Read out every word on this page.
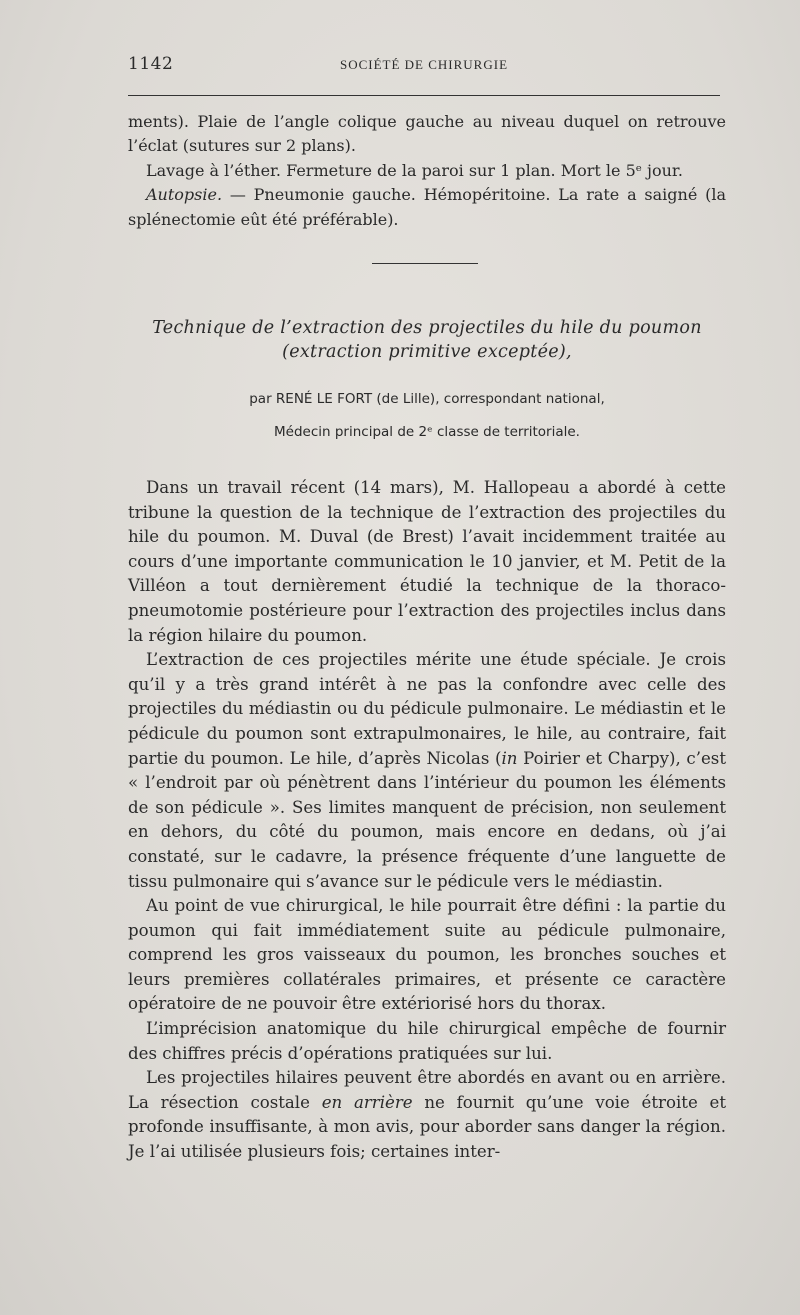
1142	SOCIÉTÉ DE CHIRURGIE

ments). Plaie de l’angle colique gauche au niveau duquel on retrouve l’éclat (sutures sur 2 plans).

Lavage à l’éther. Fermeture de la paroi sur 1 plan. Mort le 5ᵉ jour.

Autopsie. — Pneumonie gauche. Hémopéritoine. La rate a saigné (la splénectomie eût été préférable).

Technique de l’extraction des projectiles du hile du poumon
(extraction primitive exceptée),
par RENÉ LE FORT (de Lille), correspondant national,
Médecin principal de 2ᵉ classe de territoriale.

Dans un travail récent (14 mars), M. Hallopeau a abordé à cette tribune la question de la technique de l’extraction des projectiles du hile du poumon. M. Duval (de Brest) l’avait incidemment traitée au cours d’une importante communication le 10 janvier, et M. Petit de la Villéon a tout dernièrement étudié la technique de la thoraco-pneumotomie postérieure pour l’extraction des projectiles inclus dans la région hilaire du poumon.

L’extraction de ces projectiles mérite une étude spéciale. Je crois qu’il y a très grand intérêt à ne pas la confondre avec celle des projectiles du médiastin ou du pédicule pulmonaire. Le médiastin et le pédicule du poumon sont extrapulmonaires, le hile, au contraire, fait partie du poumon. Le hile, d’après Nicolas (in Poirier et Charpy), c’est « l’endroit par où pénètrent dans l’intérieur du poumon les éléments de son pédicule ». Ses limites manquent de précision, non seulement en dehors, du côté du poumon, mais encore en dedans, où j’ai constaté, sur le cadavre, la présence fréquente d’une languette de tissu pulmonaire qui s’avance sur le pédicule vers le médiastin.

Au point de vue chirurgical, le hile pourrait être défini : la partie du poumon qui fait immédiatement suite au pédicule pulmonaire, comprend les gros vaisseaux du poumon, les bronches souches et leurs premières collatérales primaires, et présente ce caractère opératoire de ne pouvoir être extériorisé hors du thorax.

L’imprécision anatomique du hile chirurgical empêche de fournir des chiffres précis d’opérations pratiquées sur lui.

Les projectiles hilaires peuvent être abordés en avant ou en arrière. La résection costale en arrière ne fournit qu’une voie étroite et profonde insuffisante, à mon avis, pour aborder sans danger la région. Je l’ai utilisée plusieurs fois; certaines inter-
